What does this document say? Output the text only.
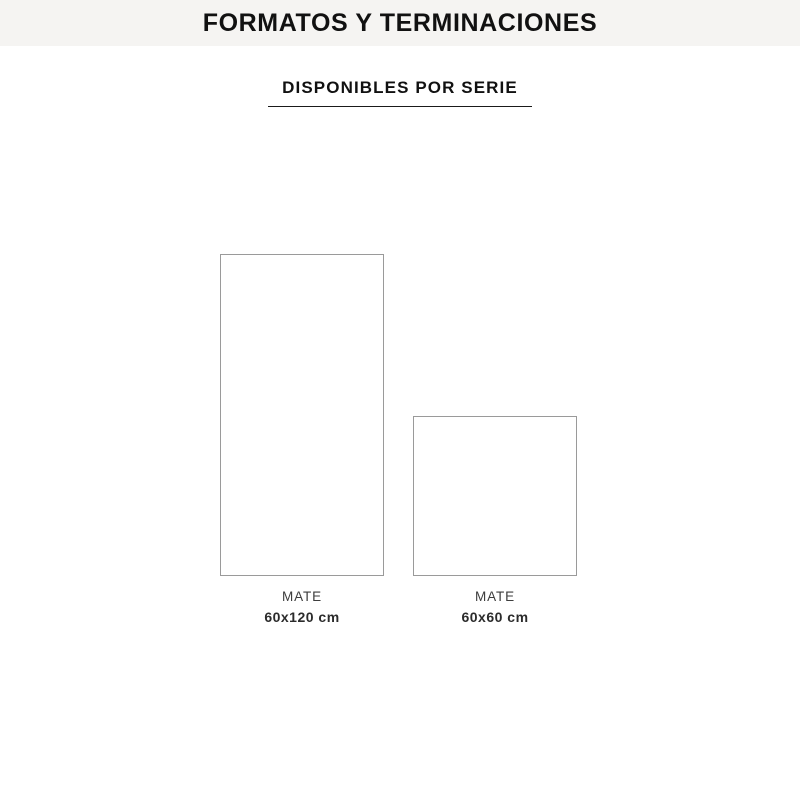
FORMATOS Y TERMINACIONES
DISPONIBLES POR SERIE
MATE
60x120 cm
MATE
60x60 cm
